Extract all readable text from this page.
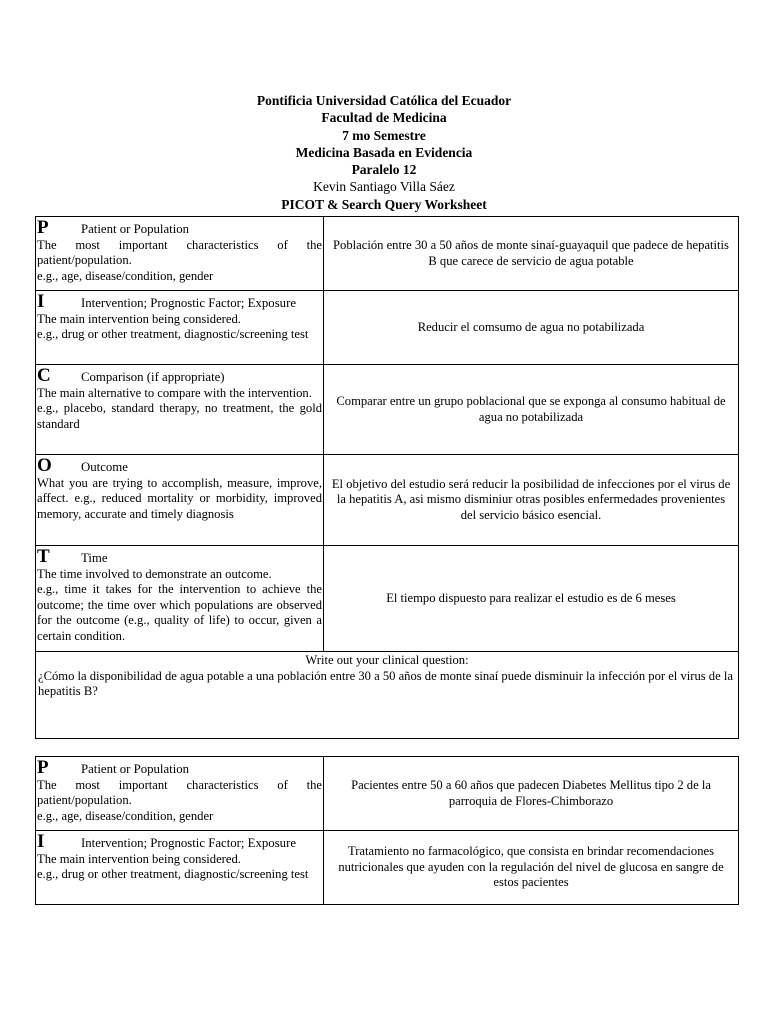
Pontificia Universidad Católica del Ecuador
Facultad de Medicina
7 mo Semestre
Medicina Basada en Evidencia
Paralelo 12
Kevin Santiago Villa Sáez
PICOT & Search Query Worksheet
P Patient or Population
The most important characteristics of the patient/population.
e.g., age, disease/condition, gender	Población entre 30 a 50 años de monte sinaí-guayaquil que padece de hepatitis B que carece de servicio de agua potable
I Intervention; Prognostic Factor; Exposure
The main intervention being considered.
e.g., drug or other treatment, diagnostic/screening test	Reducir el comsumo de agua no potabilizada
C Comparison (if appropriate)
The main alternative to compare with the intervention.
e.g., placebo, standard therapy, no treatment, the gold standard	Comparar entre un grupo poblacional que se exponga al consumo habitual de agua no potabilizada
O Outcome
What you are trying to accomplish, measure, improve, affect. e.g., reduced mortality or morbidity, improved memory, accurate and timely diagnosis	El objetivo del estudio será reducir la posibilidad de infecciones por el virus de la hepatitis A, asi mismo disminiur otras posibles enfermedades provenientes del servicio básico esencial.
T Time
The time involved to demonstrate an outcome.
e.g., time it takes for the intervention to achieve the outcome; the time over which populations are observed for the outcome (e.g., quality of life) to occur, given a certain condition.	El tiempo dispuesto para realizar el estudio es de 6 meses

Write out your clinical question:
¿Cómo la disponibilidad de agua potable a una población entre 30 a 50 años de monte sinaí puede disminuir la infección por el virus de la hepatitis B?	
P Patient or Population
The most important characteristics of the patient/population.
e.g., age, disease/condition, gender	Pacientes entre 50 a 60 años que padecen Diabetes Mellitus tipo 2 de la parroquia de Flores-Chimborazo
I Intervention; Prognostic Factor; Exposure
The main intervention being considered.
e.g., drug or other treatment, diagnostic/screening test	Tratamiento no farmacológico, que consista en brindar recomendaciones nutricionales que ayuden con la regulación del nivel de glucosa en sangre de estos pacientes
